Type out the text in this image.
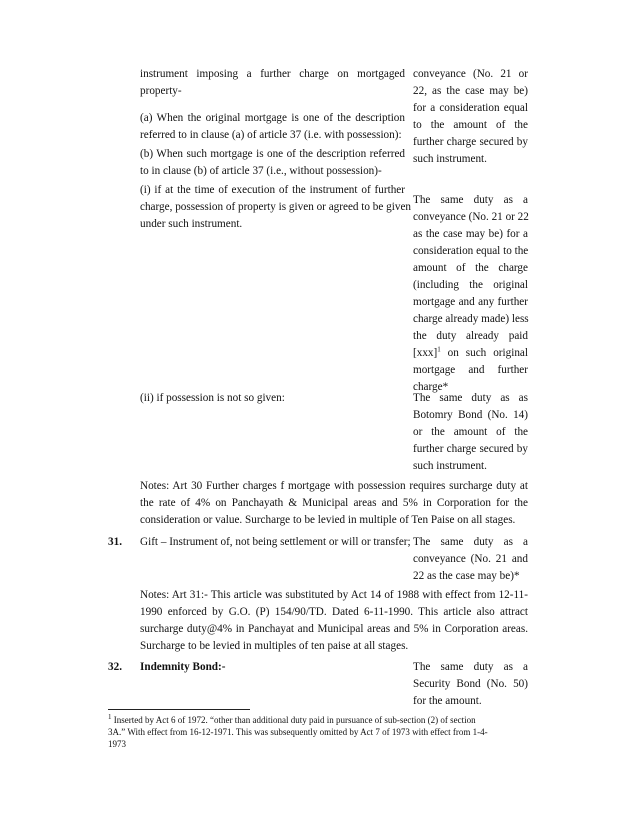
instrument imposing a further charge on mortgaged
property-
(a) When the original mortgage is one of the description
referred to in clause (a) of article 37 (i.e. with possession):
(b) When such mortgage is one of the description referred
to in clause (b) of article 37 (i.e., without possession)-
conveyance (No. 21 or
22, as the case may be)
for a consideration equal
to the amount of the
further charge secured by
such instrument.
(i) if at the time of execution of the instrument of further
charge, possession of property is given or agreed to be given
under such instrument.
The same duty as a
conveyance (No. 21 or 22
as the case may be) for a
consideration equal to the
amount of the charge
(including the original
mortgage and any further
charge already made) less
the duty already paid
[xxx]$^1$ on such original
mortgage and further
charge*
(ii) if possession is not so given:	The same duty as as
Botomry Bond (No. 14)
or the amount of the
further charge secured by
such instrument.
Notes: Art 30 Further charges f mortgage with possession requires surcharge duty at
the rate of 4% on Panchayath & Municipal areas and 5% in Corporation for the
consideration or value. Surcharge to be levied in multiple of Ten Paise on all stages.
31. Gift – Instrument of, not being settlement or will or transfer; The same duty as a
conveyance (No. 21 and
22 as the case may be)*
Notes: Art 31:- This article was substituted by Act 14 of 1988 with effect from 12-11-
1990 enforced by G.O. (P) 154/90/TD. Dated 6-11-1990. This article also attract
surcharge duty@4% in Panchayat and Municipal areas and 5% in Corporation areas.
Surcharge to be levied in multiples of ten paise at all stages.
32. Indemnity Bond:-	The same duty as a
Security Bond (No. 50)
for the amount.
$^1$ Inserted by Act 6 of 1972. “other than additional duty paid in pursuance of sub-section (2) of section
3A.” With effect from 16-12-1971. This was subsequently omitted by Act 7 of 1973 with effect from 1-4-
1973
